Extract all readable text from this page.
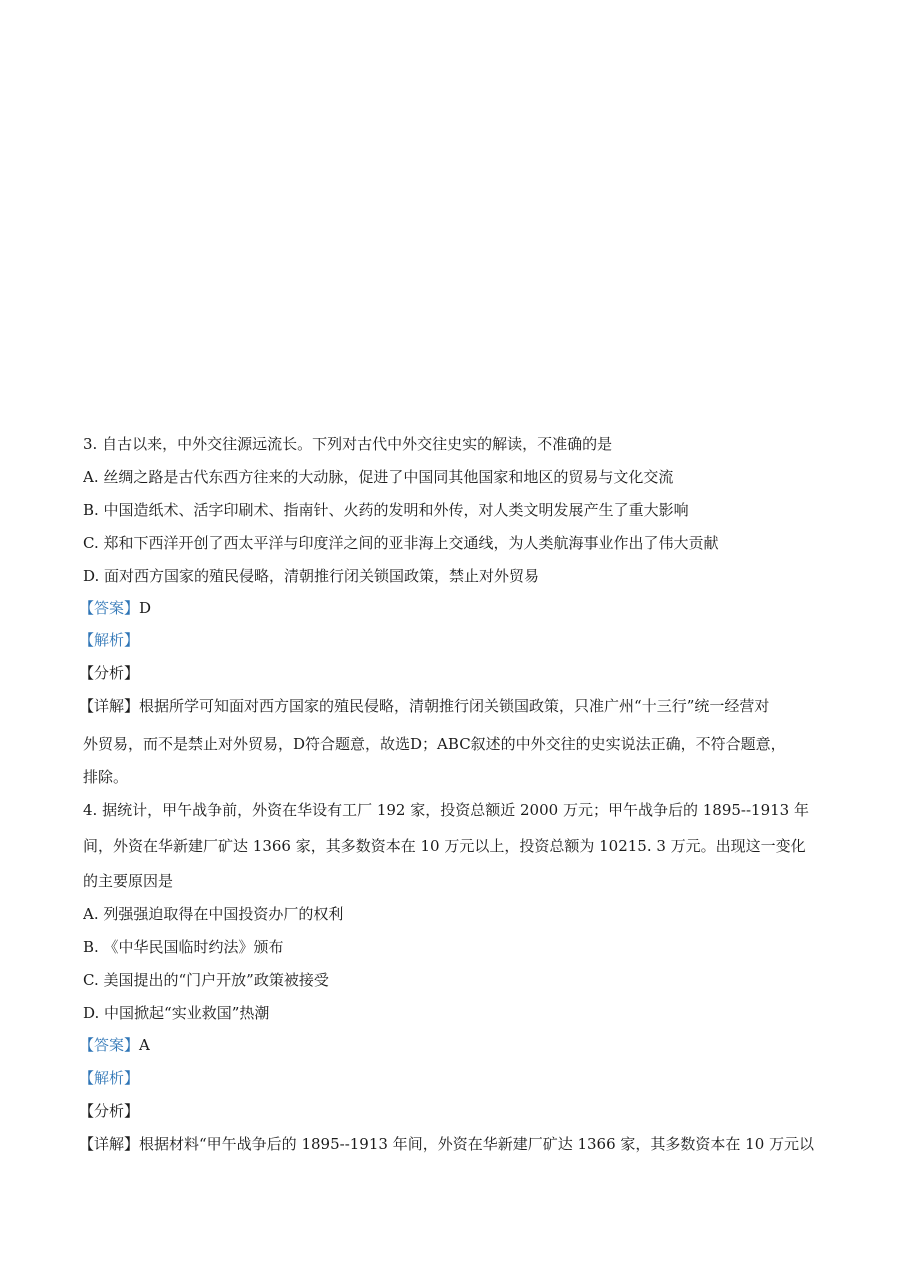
3. 自古以来，中外交往源远流长。下列对古代中外交往史实的解读，不准确的是
A. 丝绸之路是古代东西方往来的大动脉，促进了中国同其他国家和地区的贸易与文化交流
B. 中国造纸术、活字印刷术、指南针、火药的发明和外传，对人类文明发展产生了重大影响
C. 郑和下西洋开创了西太平洋与印度洋之间的亚非海上交通线，为人类航海事业作出了伟大贡献
D. 面对西方国家的殖民侵略，清朝推行闭关锁国政策，禁止对外贸易
【答案】D
【解析】
【分析】
【详解】根据所学可知面对西方国家的殖民侵略，清朝推行闭关锁国政策，只准广州“十三行”统一经营对
外贸易，而不是禁止对外贸易，D符合题意，故选D；ABC叙述的中外交往的史实说法正确，不符合题意，
排除。
4. 据统计，甲午战争前，外资在华设有工厂 192 家，投资总额近 2000 万元；甲午战争后的 1895--1913 年
间，外资在华新建厂矿达 1366 家，其多数资本在 10 万元以上，投资总额为 10215. 3 万元。出现这一变化
的主要原因是
A. 列强强迫取得在中国投资办厂的权利
B. 《中华民国临时约法》颁布
C. 美国提出的“门户开放”政策被接受
D. 中国掀起“实业救国”热潮
【答案】A
【解析】
【分析】
【详解】根据材料“甲午战争后的 1895--1913 年间，外资在华新建厂矿达 1366 家，其多数资本在 10 万元以
